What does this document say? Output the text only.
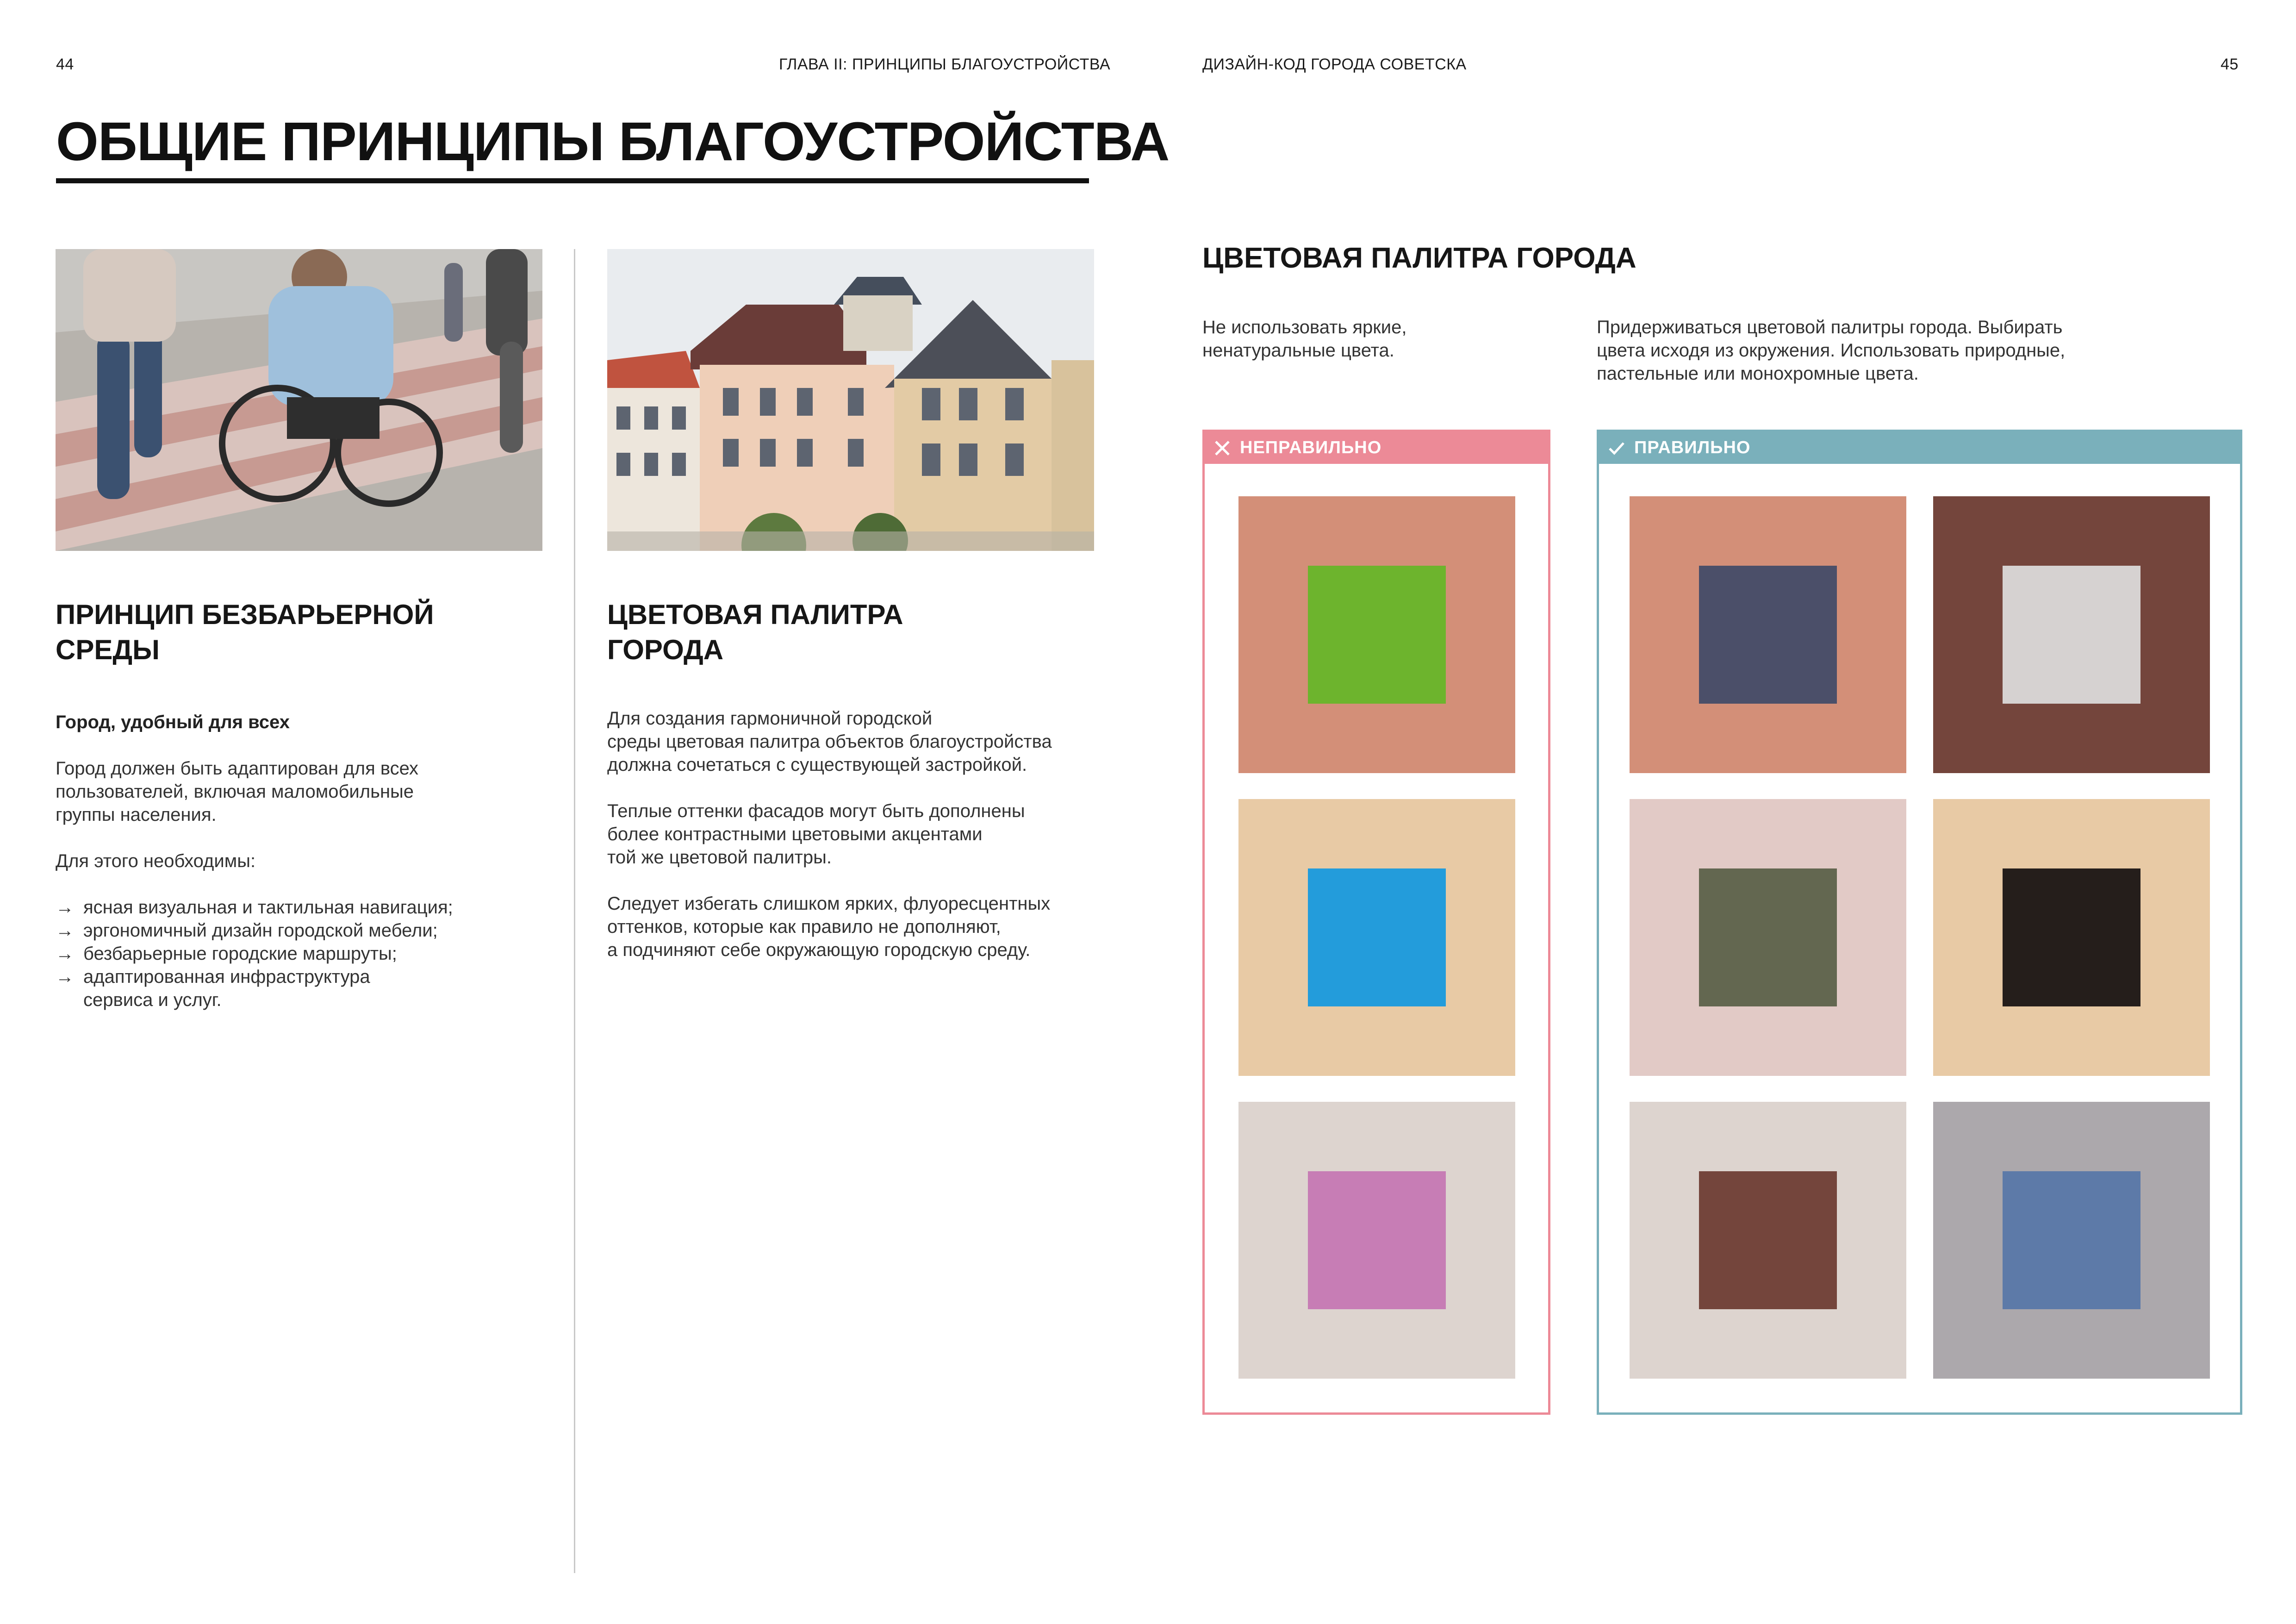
44	ГЛАВА II: ПРИНЦИПЫ БЛАГОУСТРОЙСТВА	ДИЗАЙН-КОД ГОРОДА СОВЕТСКА	45
ОБЩИЕ ПРИНЦИПЫ БЛАГОУСТРОЙСТВА
ПРИНЦИП БЕЗБАРЬЕРНОЙ
СРЕДЫ
Город, удобный для всех
Город должен быть адаптирован для всех
пользователей, включая маломобильные
группы населения.
Для этого необходимы:
→ ясная визуальная и тактильная навигация;
→ эргономичный дизайн городской мебели;
→ безбарьерные городские маршруты;
→ адаптированная инфраструктура
сервиса и услуг.
ЦВЕТОВАЯ ПАЛИТРА
ГОРОДА
Для создания гармоничной городской
среды цветовая палитра объектов благоустройства
должна сочетаться с существующей застройкой.
Теплые оттенки фасадов могут быть дополнены
более контрастными цветовыми акцентами
той же цветовой палитры.
Следует избегать слишком ярких, флуоресцентных
оттенков, которые как правило не дополняют,
а подчиняют себе окружающую городскую среду.
ЦВЕТОВАЯ ПАЛИТРА ГОРОДА
Не использовать яркие,
ненатуральные цвета.
Придерживаться цветовой палитры города. Выбирать
цвета исходя из окружения. Использовать природные,
пастельные или монохромные цвета.
НЕПРАВИЛЬНО	ПРАВИЛЬНО
